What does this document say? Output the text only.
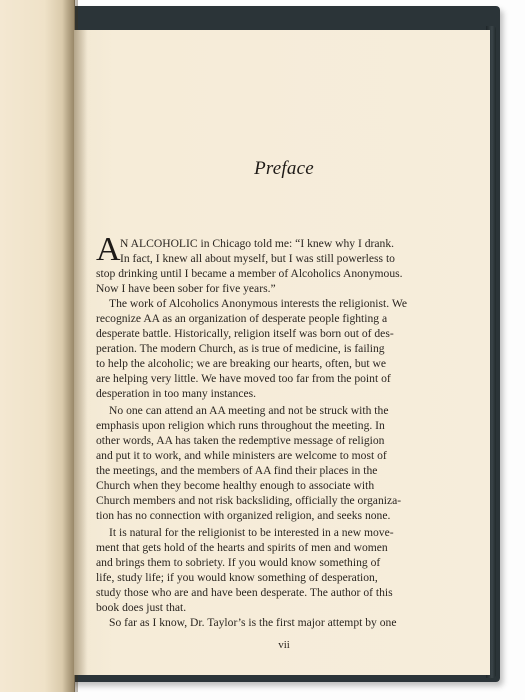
Preface
A N ALCOHOLIC in Chicago told me: “I knew why I drank.
In fact, I knew all about myself, but I was still powerless to
stop drinking until I became a member of Alcoholics Anonymous.
Now I have been sober for five years.”
The work of Alcoholics Anonymous interests the religionist. We
recognize AA as an organization of desperate people fighting a
desperate battle. Historically, religion itself was born out of des-
peration. The modern Church, as is true of medicine, is failing
to help the alcoholic; we are breaking our hearts, often, but we
are helping very little. We have moved too far from the point of
desperation in too many instances.
No one can attend an AA meeting and not be struck with the
emphasis upon religion which runs throughout the meeting. In
other words, AA has taken the redemptive message of religion
and put it to work, and while ministers are welcome to most of
the meetings, and the members of AA find their places in the
Church when they become healthy enough to associate with
Church members and not risk backsliding, officially the organiza-
tion has no connection with organized religion, and seeks none.
It is natural for the religionist to be interested in a new move-
ment that gets hold of the hearts and spirits of men and women
and brings them to sobriety. If you would know something of
life, study life; if you would know something of desperation,
study those who are and have been desperate. The author of this
book does just that.
So far as I know, Dr. Taylor’s is the first major attempt by one
vii
